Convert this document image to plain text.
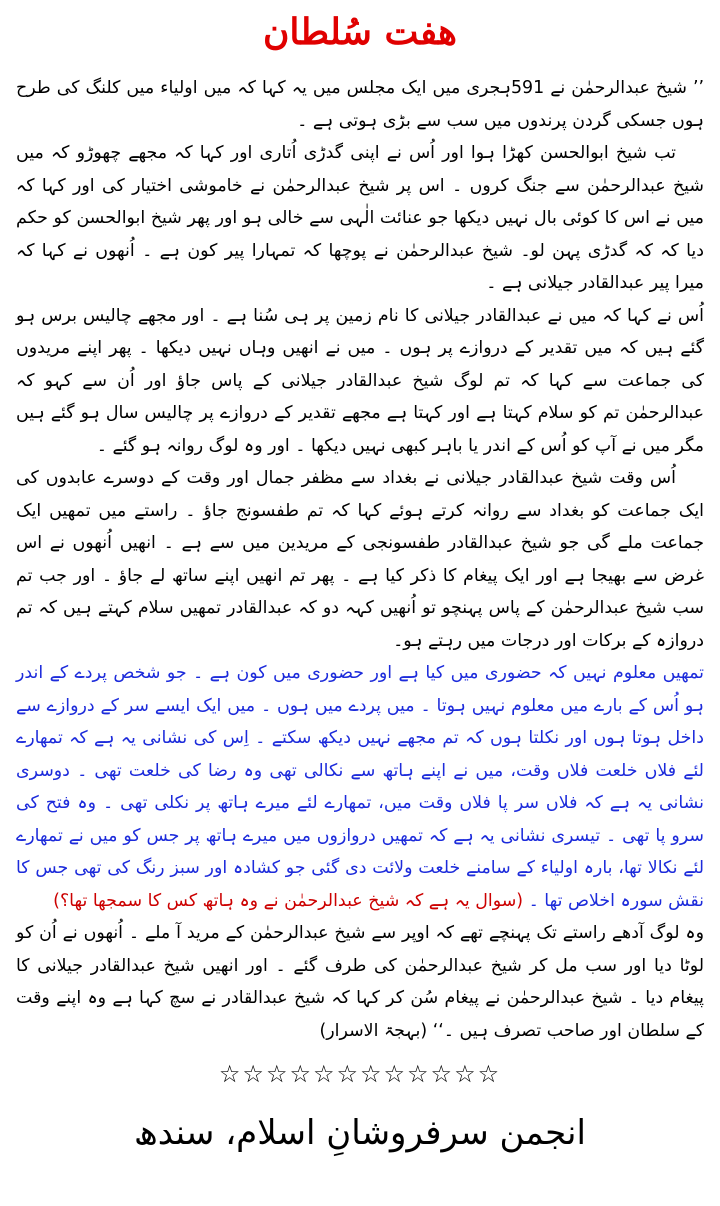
هفت سُلطان

’’ شیخ عبدالرحمٰن نے 591ہجری میں ایک مجلس میں یہ کہا کہ میں اولیاء میں کلنگ کی طرح ہوں جسکی گردن پرندوں میں سب سے بڑی ہوتی ہے ۔

تب شیخ ابوالحسن کھڑا ہوا اور اُس نے اپنی گدڑی اُتاری اور کہا کہ مجھے چھوڑو کہ میں شیخ عبدالرحمٰن سے جنگ کروں ۔ اس پر شیخ عبدالرحمٰن نے خاموشی اختیار کی اور کہا کہ میں نے اس کا کوئی بال نہیں دیکھا جو عنائت الٰہی سے خالی ہو اور پھر شیخ ابوالحسن کو حکم دیا کہ کہ گدڑی پہن لو۔ شیخ عبدالرحمٰن نے پوچھا کہ تمہارا پیر کون ہے ۔ اُنھوں نے کہا کہ میرا پیر عبدالقادر جیلانی ہے ۔

اُس نے کہا کہ میں نے عبدالقادر جیلانی کا نام زمین پر ہی سُنا ہے ۔ اور مجھے چالیس برس ہو گئے ہیں کہ میں تقدیر کے دروازے پر ہوں ۔ میں نے انھیں وہاں نہیں دیکھا ۔ پھر اپنے مریدوں کی جماعت سے کہا کہ تم لوگ شیخ عبدالقادر جیلانی کے پاس جاؤ اور اُن سے کہو کہ عبدالرحمٰن تم کو سلام کہتا ہے اور کہتا ہے مجھے تقدیر کے دروازے پر چالیس سال ہو گئے ہیں مگر میں نے آپ کو اُس کے اندر یا باہر کبھی نہیں دیکھا ۔ اور وہ لوگ روانہ ہو گئے ۔

اُس وقت شیخ عبدالقادر جیلانی نے بغداد سے مظفر جمال اور وقت کے دوسرے عابدوں کی ایک جماعت کو بغداد سے روانہ کرتے ہوئے کہا کہ تم طفسونج جاؤ ۔ راستے میں تمھیں ایک جماعت ملے گی جو شیخ عبدالقادر طفسونجی کے مریدین میں سے ہے ۔ انھیں اُنھوں نے اس غرض سے بھیجا ہے اور ایک پیغام کا ذکر کیا ہے ۔ پھر تم انھیں اپنے ساتھ لے جاؤ ۔ اور جب تم سب شیخ عبدالرحمٰن کے پاس پہنچو تو اُنھیں کہہ دو کہ عبدالقادر تمھیں سلام کہتے ہیں کہ تم دروازہ کے برکات اور درجات میں رہتے ہو۔

تمھیں معلوم نہیں کہ حضوری میں کیا ہے اور حضوری میں کون ہے ۔ جو شخص پردے کے اندر ہو اُس کے بارے میں معلوم نہیں ہوتا ۔ میں پردے میں ہوں ۔ میں ایک ایسے سر کے دروازے سے داخل ہوتا ہوں اور نکلتا ہوں کہ تم مجھے نہیں دیکھ سکتے ۔ اِس کی نشانی یہ ہے کہ تمھارے لئے فلاں خلعت فلاں وقت، میں نے اپنے ہاتھ سے نکالی تھی وہ رضا کی خلعت تھی ۔ دوسری نشانی یہ ہے کہ فلاں سر پا فلاں وقت میں، تمھارے لئے میرے ہاتھ پر نکلی تھی ۔ وہ فتح کی سرو پا تھی ۔ تیسری نشانی یہ ہے کہ تمھیں دروازوں میں میرے ہاتھ پر جس کو میں نے تمھارے لئے نکالا تھا، بارہ اولیاء کے سامنے خلعت ولائت دی گئی جو کشادہ اور سبز رنگ کی تھی جس کا نقش سورہ اخلاص تھا ۔ (سوال یہ ہے کہ شیخ عبدالرحمٰن نے وہ ہاتھ کس کا سمجھا تھا؟)

وہ لوگ آدھے راستے تک پہنچے تھے کہ اوپر سے شیخ عبدالرحمٰن کے مرید آ ملے ۔ اُنھوں نے اُن کو لوٹا دیا اور سب مل کر شیخ عبدالرحمٰن کی طرف گئے ۔ اور انھیں شیخ عبدالقادر جیلانی کا پیغام دیا ۔ شیخ عبدالرحمٰن نے پیغام سُن کر کہا کہ شیخ عبدالقادر نے سچ کہا ہے وہ اپنے وقت کے سلطان اور صاحب تصرف ہیں ۔‘‘ (بہجۃ الاسرار)

☆☆☆☆☆☆☆☆☆☆☆☆
انجمن سرفروشانِ اسلام، سندھ
